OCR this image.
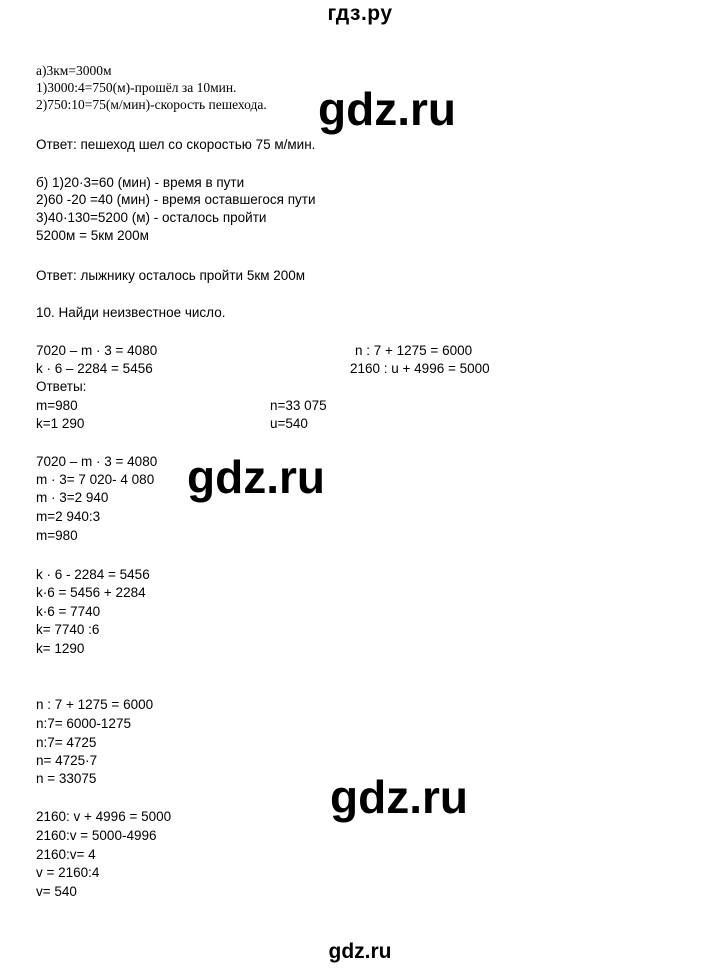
гдз.ру
а)3км=3000м
1)3000:4=750(м)-прошёл за 10мин.
2)750:10=75(м/мин)-скорость пешехода.
Ответ: пешеход шел со скоростью 75 м/мин.
б) 1)20·3=60 (мин) - время в пути
2)60 -20 =40 (мин) - время оставшегося пути
3)40·130=5200 (м) - осталось пройти
5200м = 5км 200м
Ответ: лыжнику осталось пройти 5км 200м
10. Найди неизвестное число.
7020 – m · 3 = 4080
k · 6 – 2284 = 5456
n : 7 + 1275 = 6000
2160 : u + 4996 = 5000
Ответы:
m=980
k=1 290
n=33 075
u=540
7020 – m · 3 = 4080
m · 3= 7 020- 4 080
m · 3=2 940
m=2 940:3
m=980
k · 6 - 2284 = 5456
k·6 = 5456 + 2284
k·6 = 7740
k= 7740 :6
k= 1290
n : 7 + 1275 = 6000
n:7= 6000-1275
n:7= 4725
n= 4725·7
n = 33075
2160: v + 4996 = 5000
2160:v = 5000-4996
2160:v= 4
v = 2160:4
v= 540
gdz.ru
gdz.ru
gdz.ru
gdz.ru
